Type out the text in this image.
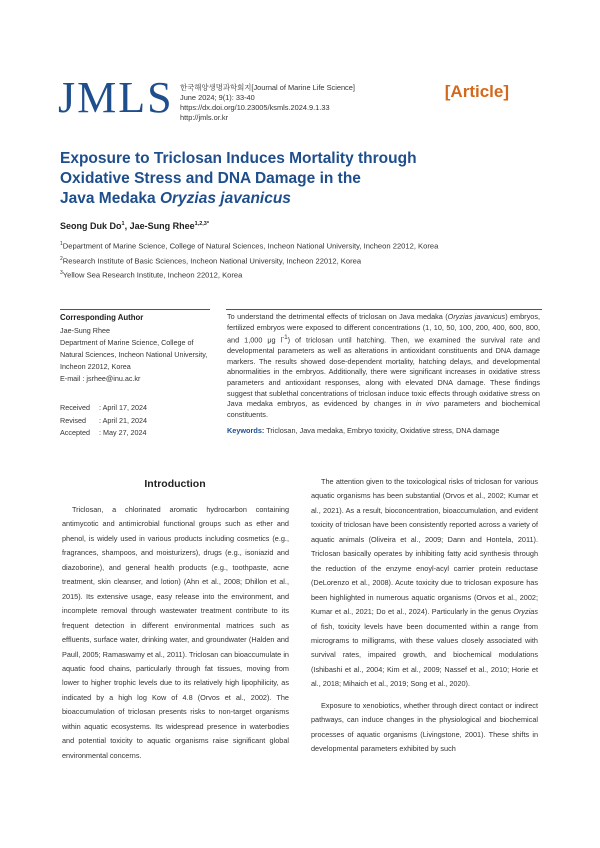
JMLS 한국해양생명과학회지[Journal of Marine Life Science]
June 2024; 9(1): 33-40
https://dx.doi.org/10.23005/ksmls.2024.9.1.33
http://jmls.or.kr
[Article]
Exposure to Triclosan Induces Mortality through
Oxidative Stress and DNA Damage in the
Java Medaka Oryzias javanicus
Seong Duk Do$^1$, Jae-Sung Rhee$^{1,2,3*}$
$^1$Department of Marine Science, College of Natural Sciences, Incheon National University, Incheon 22012, Korea
$^2$Research Institute of Basic Sciences, Incheon National University, Incheon 22012, Korea
$^3$Yellow Sea Research Institute, Incheon 22012, Korea
Corresponding Author
Jae-Sung Rhee
Department of Marine Science, College of Natural Sciences, Incheon National University, Incheon 22012, Korea
E-mail : jsrhee@inu.ac.kr
Received : April 17, 2024
Revised : April 21, 2024
Accepted : May 27, 2024
To understand the detrimental effects of triclosan on Java medaka (Oryzias javanicus) embryos, fertilized embryos were exposed to different concentrations (1, 10, 50, 100, 200, 400, 600, 800, and 1,000 μg $l^{-1}$) of triclosan until hatching. Then, we examined the survival rate and developmental parameters as well as alterations in antioxidant constituents and DNA damage markers. The results showed dose-dependent mortality, hatching delays, and developmental abnormalities in the embryos. Additionally, there were significant increases in oxidative stress parameters and antioxidant responses, along with elevated DNA damage. These findings suggest that sublethal concentrations of triclosan induce toxic effects through oxidative stress on Java medaka embryos, as evidenced by changes in in vivo parameters and biochemical constituents.
Keywords: Triclosan, Java medaka, Embryo toxicity, Oxidative stress, DNA damage
Introduction

Triclosan, a chlorinated aromatic hydrocarbon containing antimycotic and antimicrobial functional groups such as ether and phenol, is widely used in various products including cosmetics (e.g., fragrances, shampoos, and moisturizers), drugs (e.g., isoniazid and diazoborine), and general health products (e.g., toothpaste, acne treatment, skin cleanser, and lotion) (Ahn et al., 2008; Dhillon et al., 2015). Its extensive usage, easy release into the environment, and incomplete removal through wastewater treatment contribute to its frequent detection in different environmental matrices such as effluents, surface water, drinking water, and groundwater (Halden and Paull, 2005; Ramaswamy et al., 2011). Triclosan can bioaccumulate in aquatic food chains, particularly through fat tissues, moving from lower to higher trophic levels due to its relatively high lipophilicity, as indicated by a high log Kow of 4.8 (Orvos et al., 2002). The bioaccumulation of triclosan presents risks to non-target organisms within aquatic ecosystems. Its widespread presence in waterbodies and potential toxicity to aquatic organisms raise significant global environmental concerns.

The attention given to the toxicological risks of triclosan for various aquatic organisms has been substantial (Orvos et al., 2002; Kumar et al., 2021). As a result, bioconcentration, bioaccumulation, and evident toxicity of triclosan have been consistently reported across a variety of aquatic animals (Oliveira et al., 2009; Dann and Hontela, 2011). Triclosan basically operates by inhibiting fatty acid synthesis through the reduction of the enzyme enoyl-acyl carrier protein reductase (DeLorenzo et al., 2008). Acute toxicity due to triclosan exposure has been highlighted in numerous aquatic organisms (Orvos et al., 2002; Kumar et al., 2021; Do et al., 2024). Particularly in the genus Oryzias of fish, toxicity levels have been documented within a range from micrograms to milligrams, with these values closely associated with survival rates, impaired growth, and biochemical modulations (Ishibashi et al., 2004; Kim et al., 2009; Nassef et al., 2010; Horie et al., 2018; Mihaich et al., 2019; Song et al., 2020).

Exposure to xenobiotics, whether through direct contact or indirect pathways, can induce changes in the physiological and biochemical processes of aquatic organisms (Livingstone, 2001). These shifts in developmental parameters exhibited by such
